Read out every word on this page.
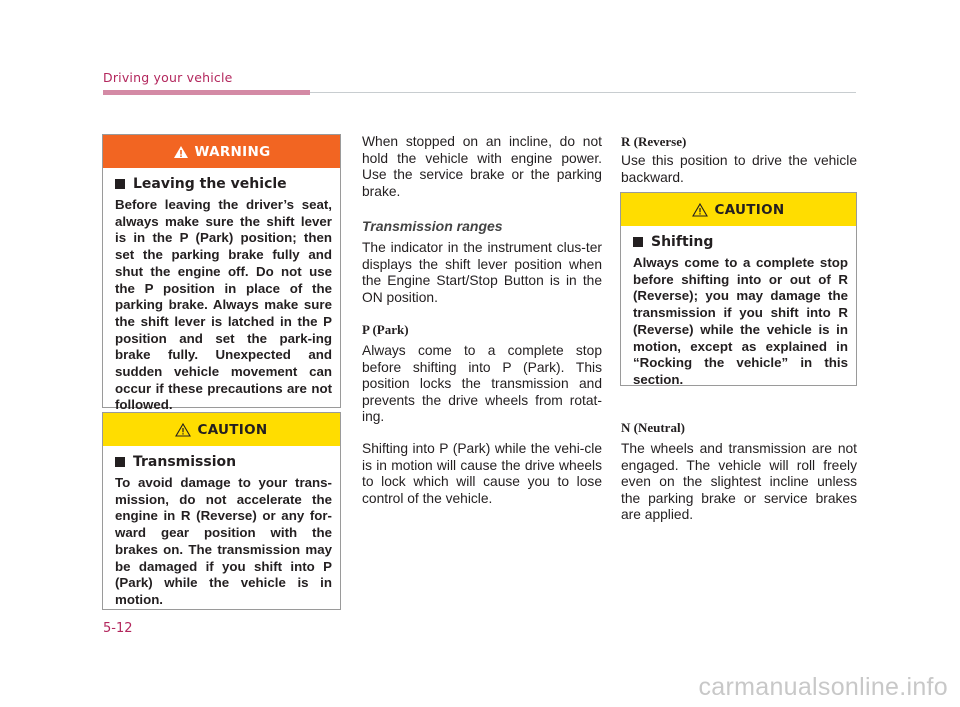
Driving your vehicle
WARNING
Leaving the vehicle

Before leaving the driver’s seat, always make sure the shift lever is in the P (Park) position; then set the parking brake fully and shut the engine off. Do not use the P position in place of the parking brake. Always make sure the shift lever is latched in the P position and set the park-ing brake fully. Unexpected and sudden vehicle movement can occur if these precautions are not followed.

CAUTION
Transmission

To avoid damage to your trans-mission, do not accelerate the engine in R (Reverse) or any for-ward gear position with the brakes on. The transmission may be damaged if you shift into P (Park) while the vehicle is in motion.

When stopped on an incline, do not hold the vehicle with engine power. Use the service brake or the parking brake.

Transmission ranges

The indicator in the instrument clus-ter displays the shift lever position when the Engine Start/Stop Button is in the ON position.

P (Park)

Always come to a complete stop before shifting into P (Park). This position locks the transmission and prevents the drive wheels from rotat-ing.

Shifting into P (Park) while the vehi-cle is in motion will cause the drive wheels to lock which will cause you to lose control of the vehicle.

R (Reverse)

Use this position to drive the vehicle backward.

CAUTION
Shifting

Always come to a complete stop before shifting into or out of R (Reverse); you may damage the transmission if you shift into R (Reverse) while the vehicle is in motion, except as explained in “Rocking the vehicle” in this section.

N (Neutral)

The wheels and transmission are not engaged. The vehicle will roll freely even on the slightest incline unless the parking brake or service brakes are applied.

5-12
carmanualsonline.info
